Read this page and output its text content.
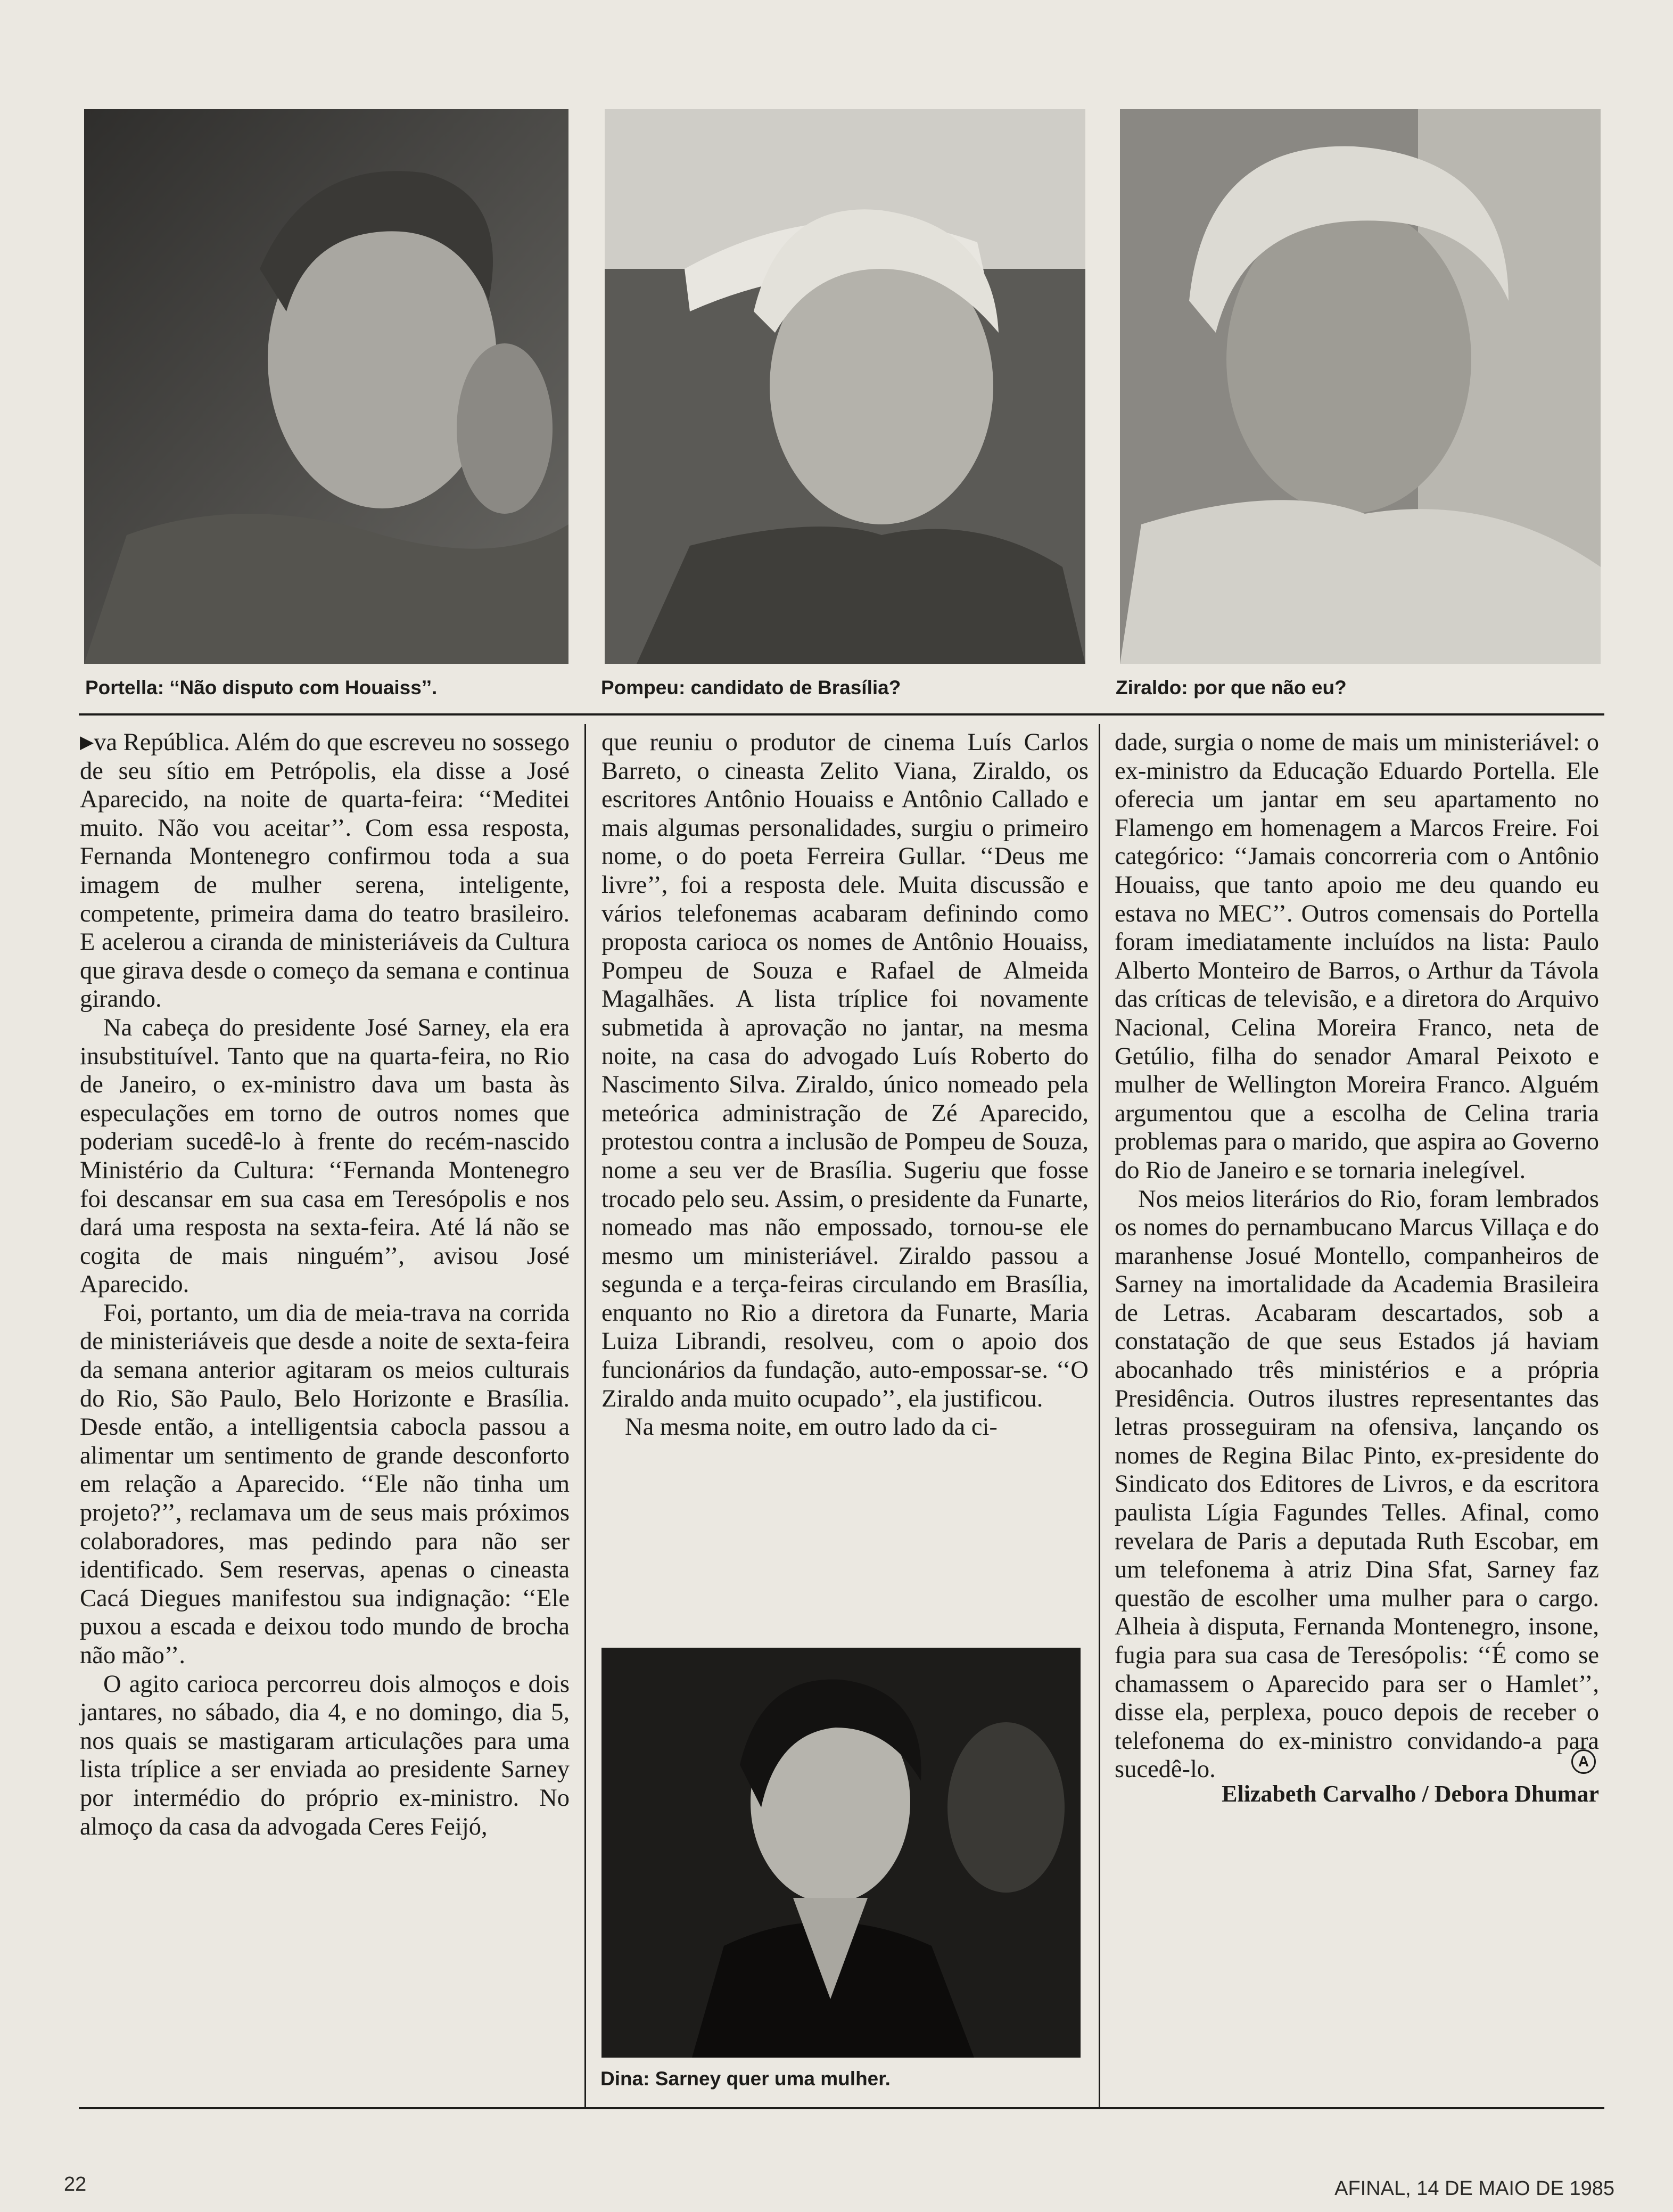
Portella: ‘‘Não disputo com Houaiss’’.	Pompeu: candidato de Brasília?	Ziraldo: por que não eu?

▶va República. Além do que escreveu no sossego de seu sítio em Petrópolis, ela disse a José Aparecido, na noite de quarta-feira: ‘‘Meditei muito. Não vou aceitar’’. Com essa resposta, Fernanda Montenegro confirmou toda a sua imagem de mulher serena, inteligente, competente, primeira dama do teatro brasileiro. E acelerou a ciranda de ministeriáveis da Cultura que girava desde o começo da semana e continua girando.

Na cabeça do presidente José Sarney, ela era insubstituível. Tanto que na quarta-feira, no Rio de Janeiro, o ex-ministro dava um basta às especulações em torno de outros nomes que poderiam sucedê-lo à frente do recém-nascido Ministério da Cultura: ‘‘Fernanda Montenegro foi descansar em sua casa em Teresópolis e nos dará uma resposta na sexta-feira. Até lá não se cogita de mais ninguém’’, avisou José Aparecido.

Foi, portanto, um dia de meia-trava na corrida de ministeriáveis que desde a noite de sexta-feira da semana anterior agitaram os meios culturais do Rio, São Paulo, Belo Horizonte e Brasília. Desde então, a intelligentsia cabocla passou a alimentar um sentimento de grande desconforto em relação a Aparecido. ‘‘Ele não tinha um projeto?’’, reclamava um de seus mais próximos colaboradores, mas pedindo para não ser identificado. Sem reservas, apenas o cineasta Cacá Diegues manifestou sua indignação: ‘‘Ele puxou a escada e deixou todo mundo de brocha não mão’’.

O agito carioca percorreu dois almoços e dois jantares, no sábado, dia 4, e no domingo, dia 5, nos quais se mastigaram articulações para uma lista tríplice a ser enviada ao presidente Sarney por intermédio do próprio ex-ministro. No almoço da casa da advogada Ceres Feijó,

que reuniu o produtor de cinema Luís Carlos Barreto, o cineasta Zelito Viana, Ziraldo, os escritores Antônio Houaiss e Antônio Callado e mais algumas personalidades, surgiu o primeiro nome, o do poeta Ferreira Gullar. ‘‘Deus me livre’’, foi a resposta dele. Muita discussão e vários telefonemas acabaram definindo como proposta carioca os nomes de Antônio Houaiss, Pompeu de Souza e Rafael de Almeida Magalhães. A lista tríplice foi novamente submetida à aprovação no jantar, na mesma noite, na casa do advogado Luís Roberto do Nascimento Silva. Ziraldo, único nomeado pela meteórica administração de Zé Aparecido, protestou contra a inclusão de Pompeu de Souza, nome a seu ver de Brasília. Sugeriu que fosse trocado pelo seu. Assim, o presidente da Funarte, nomeado mas não empossado, tornou-se ele mesmo um ministeriável. Ziraldo passou a segunda e a terça-feiras circulando em Brasília, enquanto no Rio a diretora da Funarte, Maria Luiza Librandi, resolveu, com o apoio dos funcionários da fundação, auto-empossar-se. ‘‘O Ziraldo anda muito ocupado’’, ela justificou.

Na mesma noite, em outro lado da ci-

Dina: Sarney quer uma mulher.

dade, surgia o nome de mais um ministeriável: o ex-ministro da Educação Eduardo Portella. Ele oferecia um jantar em seu apartamento no Flamengo em homenagem a Marcos Freire. Foi categórico: ‘‘Jamais concorreria com o Antônio Houaiss, que tanto apoio me deu quando eu estava no MEC’’. Outros comensais do Portella foram imediatamente incluídos na lista: Paulo Alberto Monteiro de Barros, o Arthur da Távola das críticas de televisão, e a diretora do Arquivo Nacional, Celina Moreira Franco, neta de Getúlio, filha do senador Amaral Peixoto e mulher de Wellington Moreira Franco. Alguém argumentou que a escolha de Celina traria problemas para o marido, que aspira ao Governo do Rio de Janeiro e se tornaria inelegível.

Nos meios literários do Rio, foram lembrados os nomes do pernambucano Marcus Villaça e do maranhense Josué Montello, companheiros de Sarney na imortalidade da Academia Brasileira de Letras. Acabaram descartados, sob a constatação de que seus Estados já haviam abocanhado três ministérios e a própria Presidência. Outros ilustres representantes das letras prosseguiram na ofensiva, lançando os nomes de Regina Bilac Pinto, ex-presidente do Sindicato dos Editores de Livros, e da escritora paulista Lígia Fagundes Telles. Afinal, como revelara de Paris a deputada Ruth Escobar, em um telefonema à atriz Dina Sfat, Sarney faz questão de escolher uma mulher para o cargo. Alheia à disputa, Fernanda Montenegro, insone, fugia para sua casa de Teresópolis: ‘‘É como se chamassem o Aparecido para ser o Hamlet’’, disse ela, perplexa, pouco depois de receber o telefonema do ex-ministro convidando-a para sucedê-lo.	A
Elizabeth Carvalho / Debora Dhumar
22	AFINAL, 14 DE MAIO DE 1985
